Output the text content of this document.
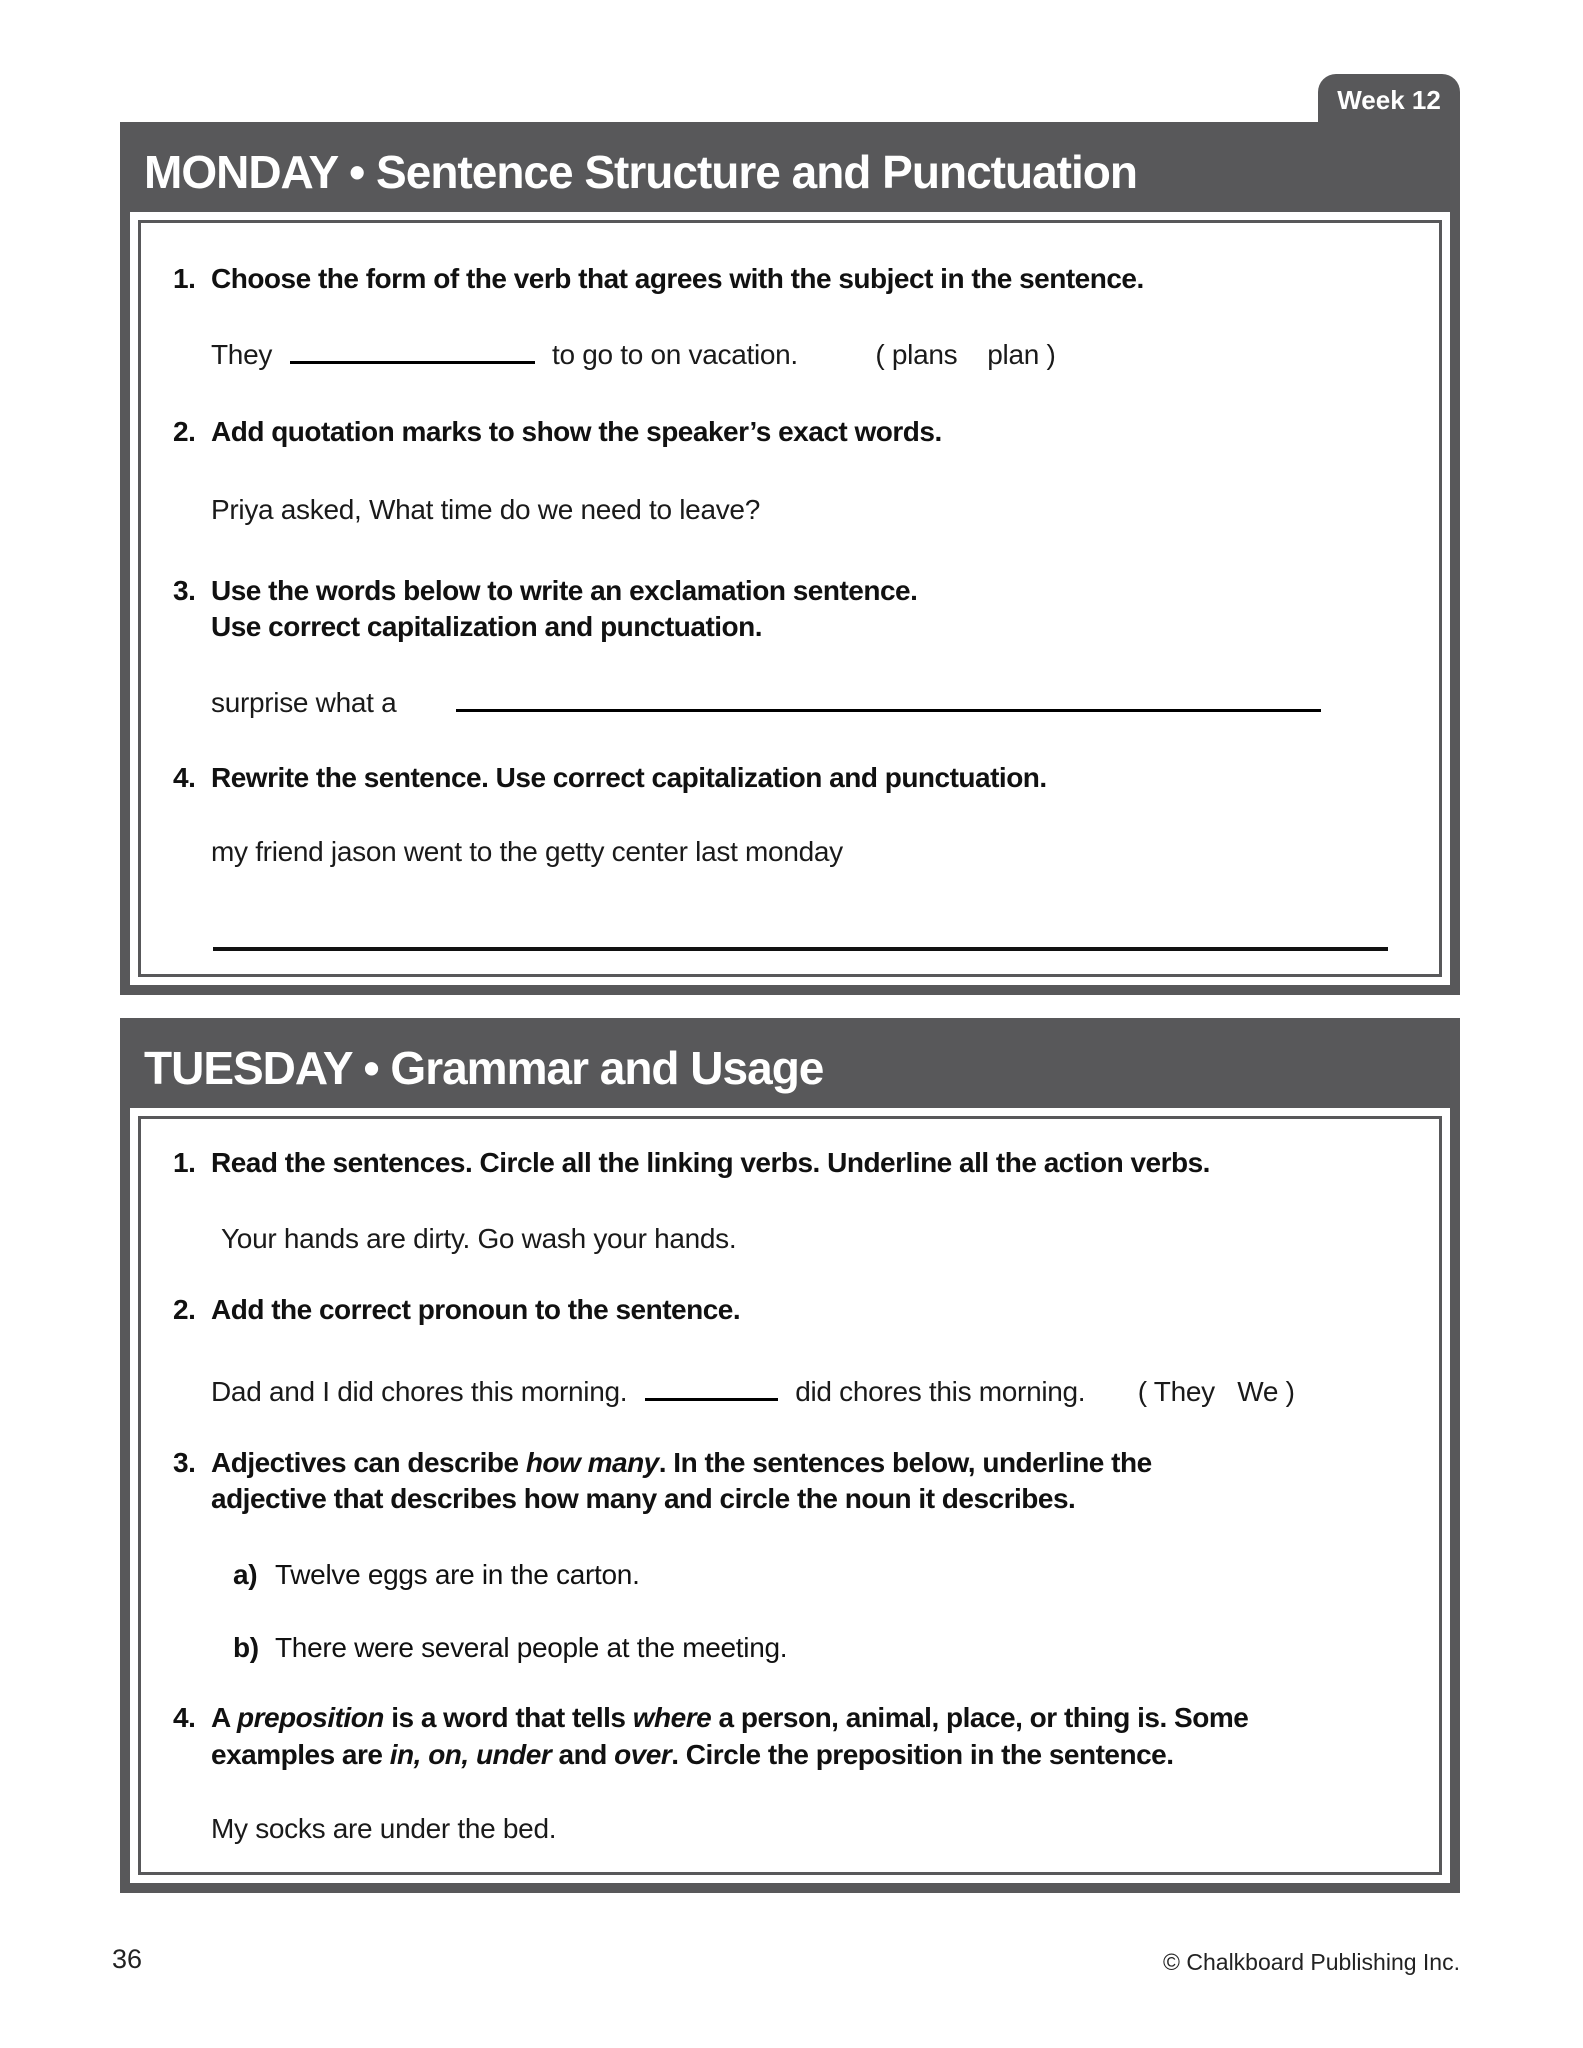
Week 12
MONDAY • Sentence Structure and Punctuation
1. Choose the form of the verb that agrees with the subject in the sentence.
They	to go to on vacation.	( plans    plan )
2. Add quotation marks to show the speaker’s exact words.
Priya asked, What time do we need to leave?
3. Use the words below to write an exclamation sentence.
Use correct capitalization and punctuation.
surprise what a
4. Rewrite the sentence. Use correct capitalization and punctuation.
my friend jason went to the getty center last monday
TUESDAY • Grammar and Usage
1. Read the sentences. Circle all the linking verbs. Underline all the action verbs.
Your hands are dirty. Go wash your hands.
2. Add the correct pronoun to the sentence.
Dad and I did chores this morning.	did chores this morning. ( They   We )
3. Adjectives can describe how many. In the sentences below, underline the
adjective that describes how many and circle the noun it describes.
a) Twelve eggs are in the carton.
b) There were several people at the meeting.
4. A preposition is a word that tells where a person, animal, place, or thing is. Some
examples are in, on, under and over. Circle the preposition in the sentence.
My socks are under the bed.
36	© Chalkboard Publishing Inc.
